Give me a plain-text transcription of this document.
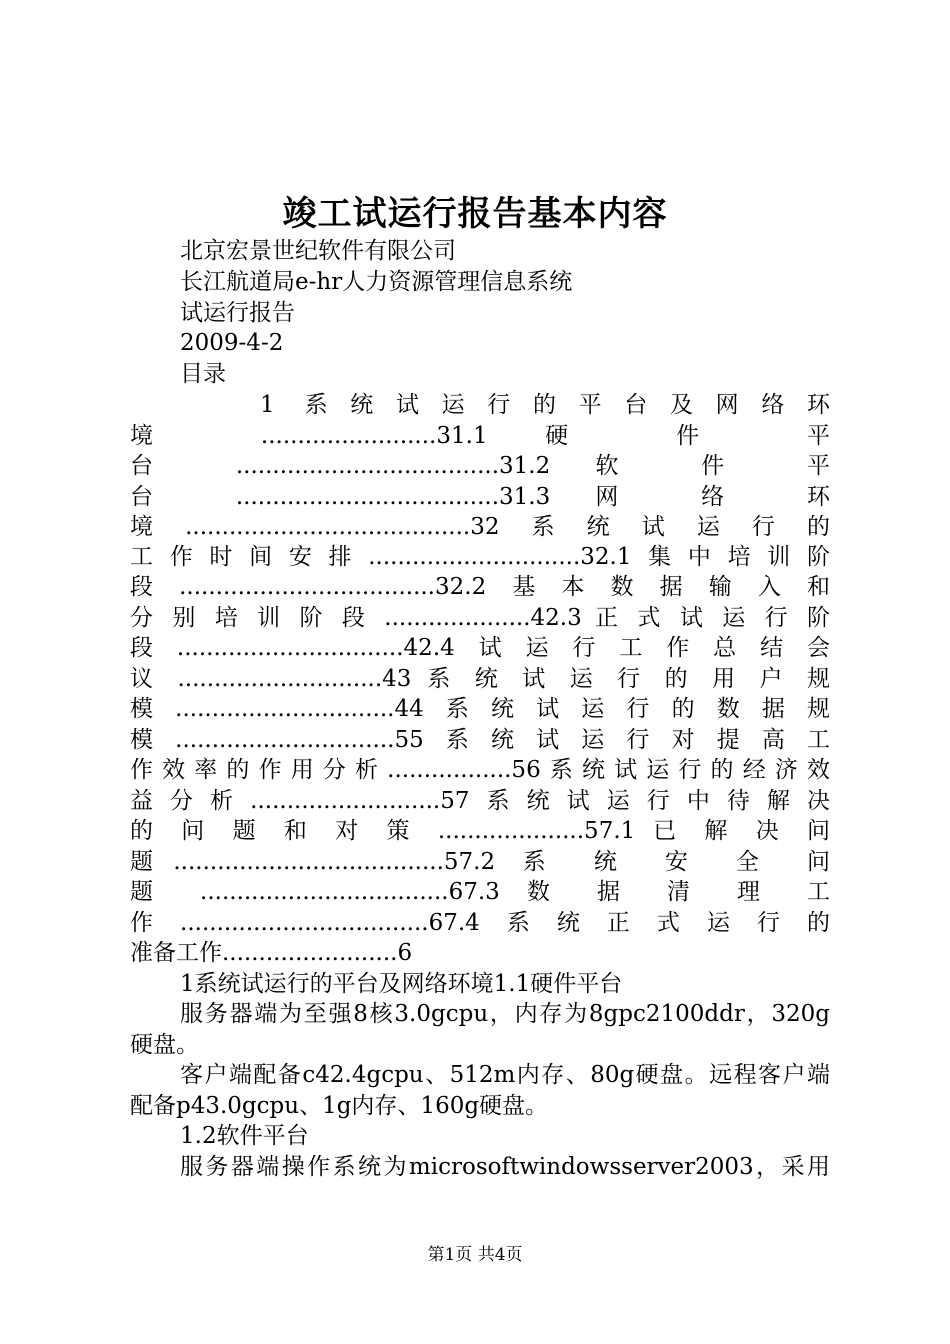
竣工试运行报告基本内容
北京宏景世纪软件有限公司
长江航道局e-hr人力资源管理信息系统
试运行报告
2009-4-2
目录
1 系统试运行的平台及网络环
境 ........................31.1 硬 件 平
台 ....................................31.2 软 件 平
台 ....................................31.3 网 络 环
境.......................................32系统试运行的
工作时间安排.............................32.1集中培训阶
段...................................32.2基本数据输入和
分 别 培 训 阶 段 ....................42.3 正 式 试 运 行 阶
段...............................42.4试运行工作总结会
议 ............................43 系 统 试 运 行 的 用 户 规
模..............................44系统试运行的数据规
模..............................55系统试运行对提高工
作效率的作用分析.................56系统试运行的经济效
益分析..........................57系统试运行中待解决
的 问 题 和 对 策 ....................57.1 已 解 决 问
题.....................................57.2 系 统 安 全 问
题 ..................................67.3 数 据 清 理 工
作..................................67.4系统正式运行的
准备工作........................6
1系统试运行的平台及网络环境1.1硬件平台
服务器端为至强8核3.0gcpu，内存为8gpc2100ddr，320g
硬盘。
客户端配备c42.4gcpu、512m内存、80g硬盘。远程客户端
配备p43.0gcpu、1g内存、160g硬盘。
1.2软件平台
服务器端操作系统为microsoftwindowsserver2003，采用
第1页 共4页
